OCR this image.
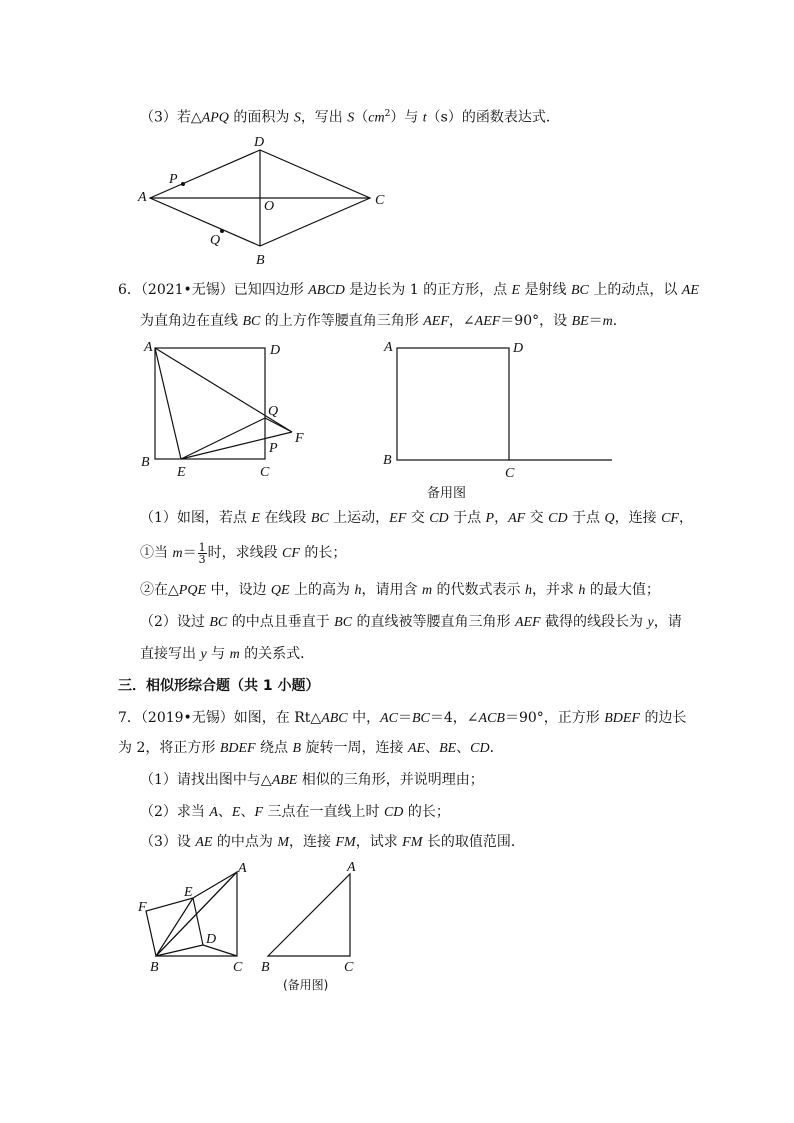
（3）若△APQ 的面积为 S，写出 $S(cm^2)$与 t（s）的函数表达式．
A
B
C
D
O
P
Q
A	D
Q
F
P
B
E	C
A	D
B
C
F
E
A
D
B	C
A
B	C
6．（2021•无锡）已知四边形 ABCD 是边长为 1 的正方形，点 E 是射线 BC 上的动点，以 AE
为直角边在直线 BC 的上方作等腰直角三角形 AEF，∠AEF＝90°，设 BE＝m．
备用图
（1）如图，若点 E 在线段 BC 上运动，EF 交 CD 于点 P，AF 交 CD 于点 Q，连接 CF，
①当 $m= \frac{1}{3}$ 时，求线段 CF 的长；
②在△PQE 中，设边 QE 上的高为 h，请用含 m 的代数式表示 h，并求 h 的最大值；
（2）设过 BC 的中点且垂直于 BC 的直线被等腰直角三角形 AEF 截得的线段长为 y，请
直接写出 y 与 m 的关系式．
三．相似形综合题（共 1 小题）
7．（2019•无锡）如图，在 Rt△ABC 中，AC＝BC＝4，∠ACB＝90°，正方形 BDEF 的边长
为 2，将正方形 BDEF 绕点 B 旋转一周，连接 AE、BE、CD．
（1）请找出图中与△ABE 相似的三角形，并说明理由；
（2）求当 A、E、F 三点在一直线上时 CD 的长；
（3）设 AE 的中点为 M，连接 FM，试求 FM 长的取值范围．
(备用图)
